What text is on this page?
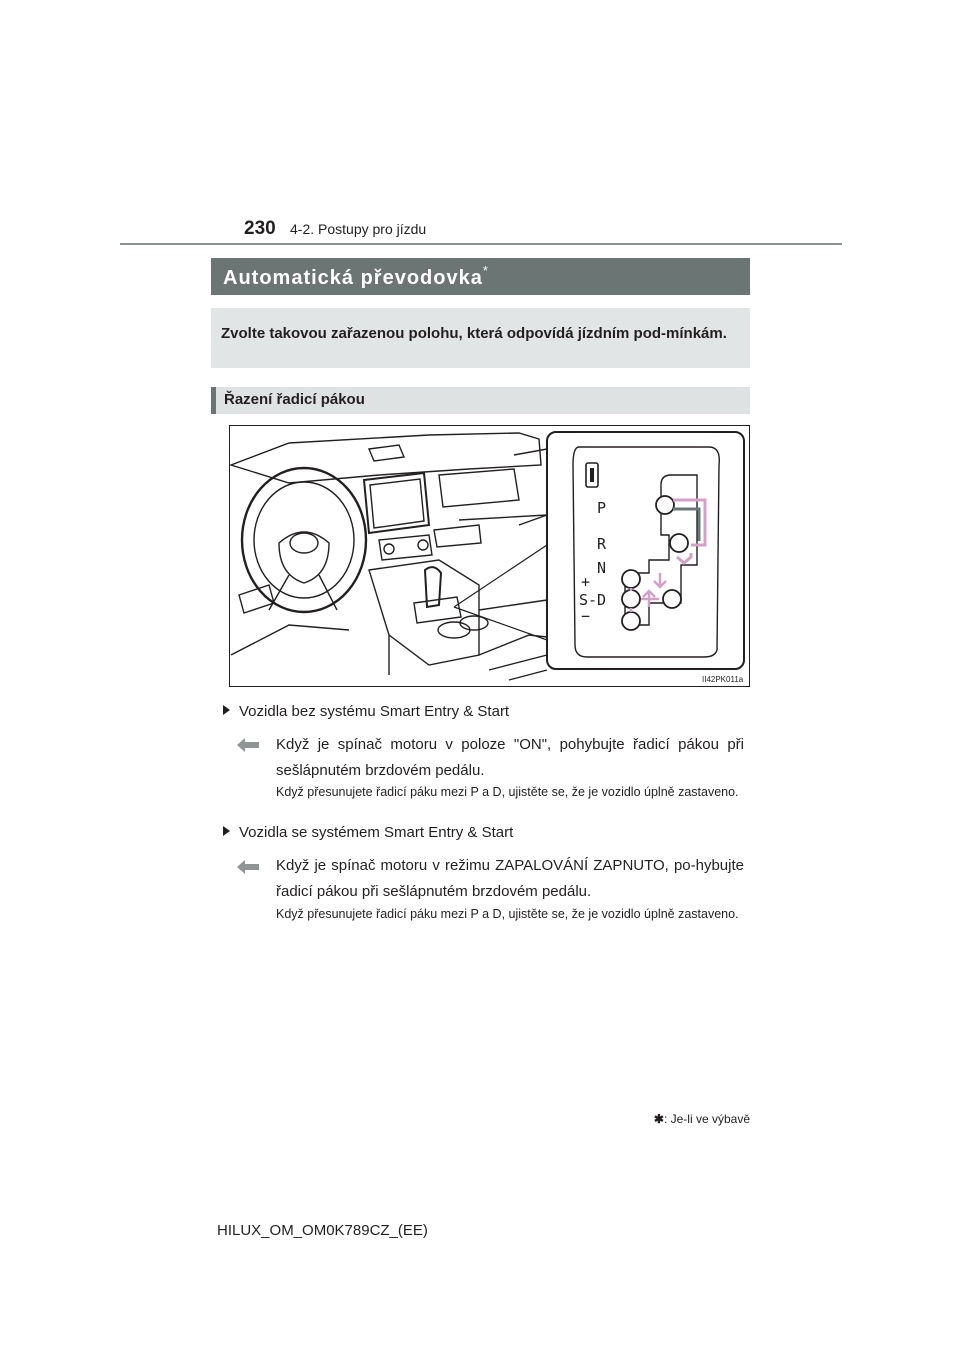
230 4-2. Postupy pro jízdu
Automatická převodovka*
Zvolte takovou zařazenou polohu, která odpovídá jízdním pod-mínkám.
Řazení řadicí pákou
P
R
N
+
S-D
−
II42PK011a
Vozidla bez systému Smart Entry & Start
Když je spínač motoru v poloze "ON", pohybujte řadicí pákou při sešlápnutém brzdovém pedálu.
Když přesunujete řadicí páku mezi P a D, ujistěte se, že je vozidlo úplně zastaveno.
Vozidla se systémem Smart Entry & Start
Když je spínač motoru v režimu ZAPALOVÁNÍ ZAPNUTO, po-hybujte řadicí pákou při sešlápnutém brzdovém pedálu.
Když přesunujete řadicí páku mezi P a D, ujistěte se, že je vozidlo úplně zastaveno.
✱: Je-li ve výbavě
HILUX_OM_OM0K789CZ_(EE)
